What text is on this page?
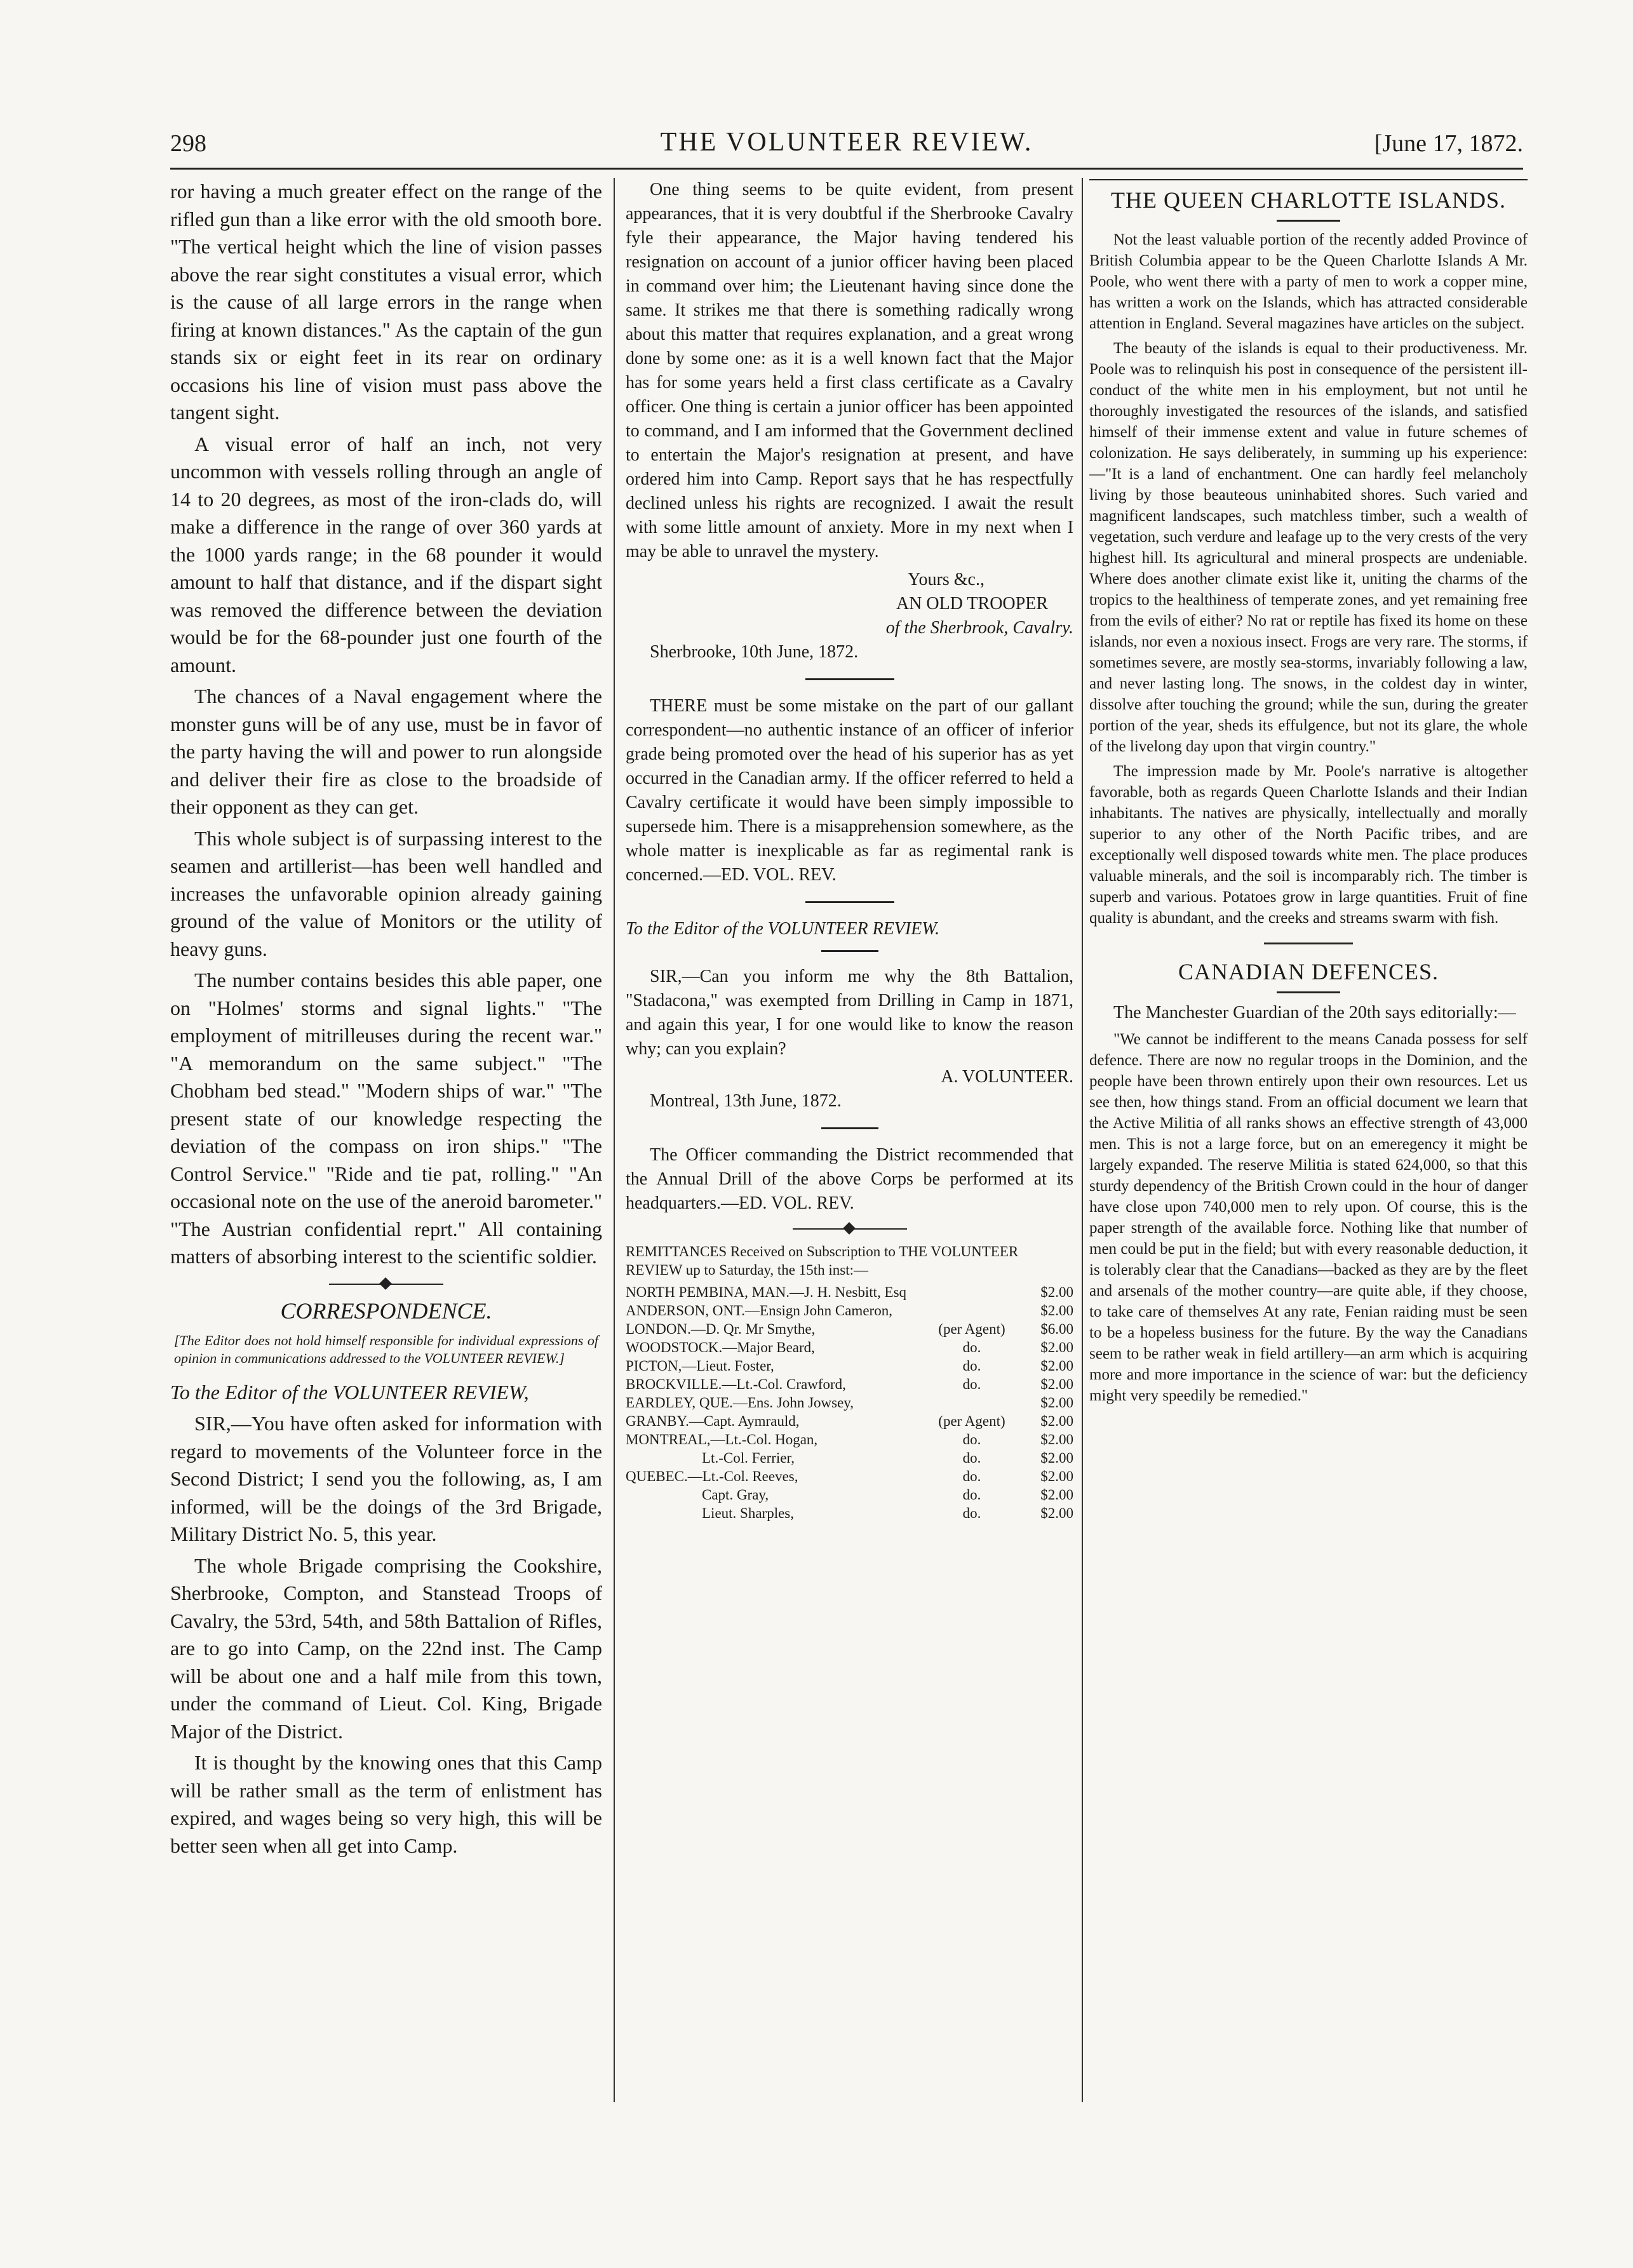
298	THE VOLUNTEER REVIEW.	[June 17, 1872.

ror having a much greater effect on the range of the rifled gun than a like error with the old smooth bore. "The vertical height which the line of vision passes above the rear sight constitutes a visual error, which is the cause of all large errors in the range when firing at known distances." As the captain of the gun stands six or eight feet in its rear on ordinary occasions his line of vision must pass above the tangent sight.

A visual error of half an inch, not very uncommon with vessels rolling through an angle of 14 to 20 degrees, as most of the iron-clads do, will make a difference in the range of over 360 yards at the 1000 yards range; in the 68 pounder it would amount to half that distance, and if the dispart sight was removed the difference between the deviation would be for the 68-pounder just one fourth of the amount.

The chances of a Naval engagement where the monster guns will be of any use, must be in favor of the party having the will and power to run alongside and deliver their fire as close to the broadside of their opponent as they can get.

This whole subject is of surpassing interest to the seamen and artillerist—has been well handled and increases the unfavorable opinion already gaining ground of the value of Monitors or the utility of heavy guns.

The number contains besides this able paper, one on "Holmes' storms and signal lights." "The employment of mitrilleuses during the recent war." "A memorandum on the same subject." "The Chobham bed stead." "Modern ships of war." "The present state of our knowledge respecting the deviation of the compass on iron ships." "The Control Service." "Ride and tie pat, rolling." "An occasional note on the use of the aneroid barometer." "The Austrian confidential reprt." All containing matters of absorbing interest to the scientific soldier.

CORRESPONDENCE.
[The Editor does not hold himself responsible for individual expressions of opinion in communications addressed to the VOLUNTEER REVIEW.]

To the Editor of the VOLUNTEER REVIEW,

SIR,—You have often asked for information with regard to movements of the Volunteer force in the Second District; I send you the following, as, I am informed, will be the doings of the 3rd Brigade, Military District No. 5, this year.

The whole Brigade comprising the Cookshire, Sherbrooke, Compton, and Stanstead Troops of Cavalry, the 53rd, 54th, and 58th Battalion of Rifles, are to go into Camp, on the 22nd inst. The Camp will be about one and a half mile from this town, under the command of Lieut. Col. King, Brigade Major of the District.

It is thought by the knowing ones that this Camp will be rather small as the term of enlistment has expired, and wages being so very high, this will be better seen when all get into Camp.

One thing seems to be quite evident, from present appearances, that it is very doubtful if the Sherbrooke Cavalry fyle their appearance, the Major having tendered his resignation on account of a junior officer having been placed in command over him; the Lieutenant having since done the same. It strikes me that there is something radically wrong about this matter that requires explanation, and a great wrong done by some one: as it is a well known fact that the Major has for some years held a first class certificate as a Cavalry officer. One thing is certain a junior officer has been appointed to command, and I am informed that the Government declined to entertain the Major's resignation at present, and have ordered him into Camp. Report says that he has respectfully declined unless his rights are recognized. I await the result with some little amount of anxiety. More in my next when I may be able to unravel the mystery.

Yours &c.,

AN OLD TROOPER

of the Sherbrook, Cavalry.

Sherbrooke, 10th June, 1872.

THERE must be some mistake on the part of our gallant correspondent—no authentic instance of an officer of inferior grade being promoted over the head of his superior has as yet occurred in the Canadian army. If the officer referred to held a Cavalry certificate it would have been simply impossible to supersede him. There is a misapprehension somewhere, as the whole matter is inexplicable as far as regimental rank is concerned.—ED. VOL. REV.

To the Editor of the VOLUNTEER REVIEW.

SIR,—Can you inform me why the 8th Battalion, "Stadacona," was exempted from Drilling in Camp in 1871, and again this year, I for one would like to know the reason why; can you explain?

A. VOLUNTEER.

Montreal, 13th June, 1872.

The Officer commanding the District recommended that the Annual Drill of the above Corps be performed at its headquarters.—ED. VOL. REV.

REMITTANCES Received on Subscription to THE VOLUNTEER REVIEW up to Saturday, the 15th inst:—

NORTH PEMBINA, MAN.—J. H. Nesbitt, Esq	$2.00
ANDERSON, ONT.—Ensign John Cameron,	$2.00
LONDON.—D. Qr. Mr Smythe,	(per Agent) $6.00
WOODSTOCK.—Major Beard,	do.	$2.00
PICTON,—Lieut. Foster,	do.	$2.00
BROCKVILLE.—Lt.-Col. Crawford,	do.	$2.00
EARDLEY, QUE.—Ens. John Jowsey,	$2.00
GRANBY.—Capt. Aymrauld,	(per Agent) $2.00
MONTREAL,—Lt.-Col. Hogan,	do.	$2.00
Lt.-Col. Ferrier,	do.	$2.00
QUEBEC.—Lt.-Col. Reeves,	do.	$2.00
Capt. Gray,	do.	$2.00
Lieut. Sharples,	do.	$2.00
THE QUEEN CHARLOTTE ISLANDS.

Not the least valuable portion of the recently added Province of British Columbia appear to be the Queen Charlotte Islands A Mr. Poole, who went there with a party of men to work a copper mine, has written a work on the Islands, which has attracted considerable attention in England. Several magazines have articles on the subject.

The beauty of the islands is equal to their productiveness. Mr. Poole was to relinquish his post in consequence of the persistent ill-conduct of the white men in his employment, but not until he thoroughly investigated the resources of the islands, and satisfied himself of their immense extent and value in future schemes of colonization. He says deliberately, in summing up his experience:—"It is a land of enchantment. One can hardly feel melancholy living by those beauteous uninhabited shores. Such varied and magnificent landscapes, such matchless timber, such a wealth of vegetation, such verdure and leafage up to the very crests of the very highest hill. Its agricultural and mineral prospects are undeniable. Where does another climate exist like it, uniting the charms of the tropics to the healthiness of temperate zones, and yet remaining free from the evils of either? No rat or reptile has fixed its home on these islands, nor even a noxious insect. Frogs are very rare. The storms, if sometimes severe, are mostly sea-storms, invariably following a law, and never lasting long. The snows, in the coldest day in winter, dissolve after touching the ground; while the sun, during the greater portion of the year, sheds its effulgence, but not its glare, the whole of the livelong day upon that virgin country."

The impression made by Mr. Poole's narrative is altogether favorable, both as regards Queen Charlotte Islands and their Indian inhabitants. The natives are physically, intellectually and morally superior to any other of the North Pacific tribes, and are exceptionally well disposed towards white men. The place produces valuable minerals, and the soil is incomparably rich. The timber is superb and various. Potatoes grow in large quantities. Fruit of fine quality is abundant, and the creeks and streams swarm with fish.

CANADIAN DEFENCES.

The Manchester Guardian of the 20th says editorially:—

"We cannot be indifferent to the means Canada possess for self defence. There are now no regular troops in the Dominion, and the people have been thrown entirely upon their own resources. Let us see then, how things stand. From an official document we learn that the Active Militia of all ranks shows an effective strength of 43,000 men. This is not a large force, but on an emeregency it might be largely expanded. The reserve Militia is stated 624,000, so that this sturdy dependency of the British Crown could in the hour of danger have close upon 740,000 men to rely upon. Of course, this is the paper strength of the available force. Nothing like that number of men could be put in the field; but with every reasonable deduction, it is tolerably clear that the Canadians—backed as they are by the fleet and arsenals of the mother country—are quite able, if they choose, to take care of themselves At any rate, Fenian raiding must be seen to be a hopeless business for the future. By the way the Canadians seem to be rather weak in field artillery—an arm which is acquiring more and more importance in the science of war: but the deficiency might very speedily be remedied."
